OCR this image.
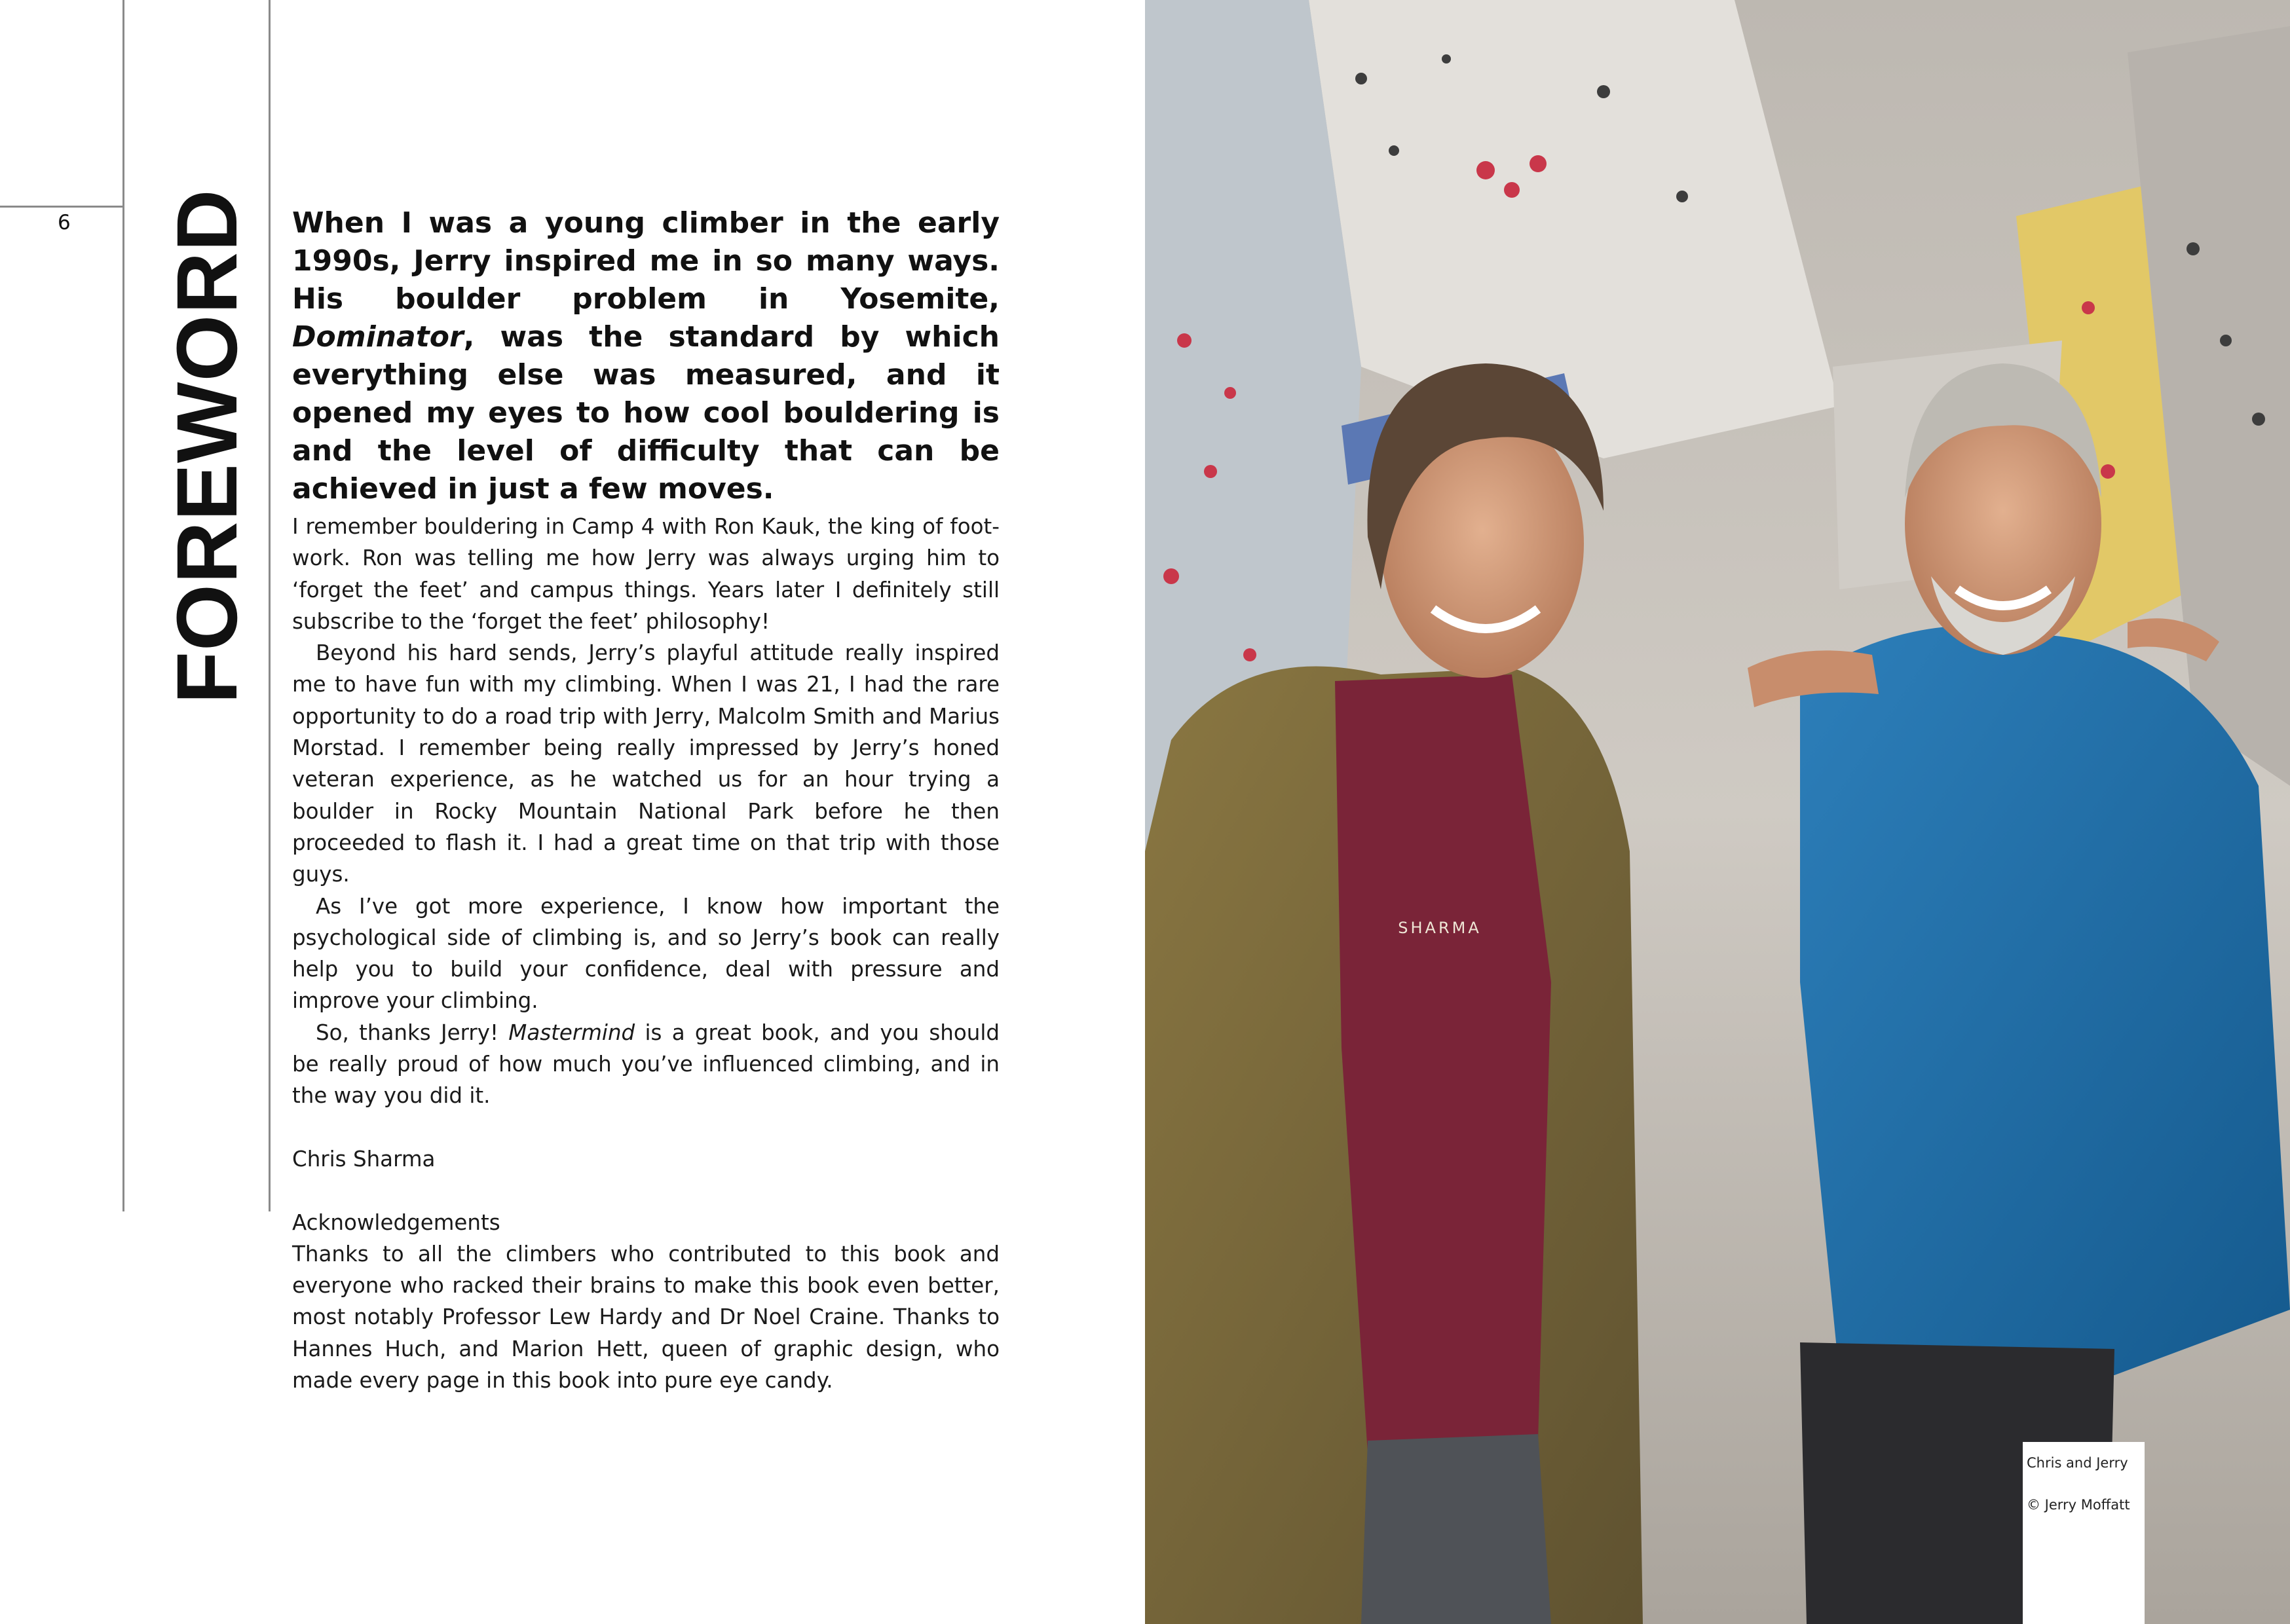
6 FOREWORD When I was a young climber in the early 1990s, Jerry inspired me in so many ways. His boulder problem in Yosemite, Dominator, was the standard by which everything else was measured, and it opened my eyes to how cool bouldering is and the level of difficulty that can be achieved in just a few moves.

I remember bouldering in Camp 4 with Ron Kauk, the king of footwork. Ron was telling me how Jerry was always urging him to ‘forget the feet’ and campus things. Years later I definitely still subscribe to the ‘forget the feet’ philosophy!

Beyond his hard sends, Jerry’s playful attitude really inspired me to have fun with my climbing. When I was 21, I had the rare opportunity to do a road trip with Jerry, Malcolm Smith and Marius Morstad. I remember being really impressed by Jerry’s honed veteran experience, as he watched us for an hour trying a boulder in Rocky Mountain National Park before he then proceeded to flash it. I had a great time on that trip with those guys.

As I’ve got more experience, I know how important the psychological side of climbing is, and so Jerry’s book can really help you to build your confidence, deal with pressure and improve your climbing.

So, thanks Jerry! Mastermind is a great book, and you should be really proud of how much you’ve influenced climbing, and in the way you did it.

Chris Sharma

Acknowledgements

Thanks to all the climbers who contributed to this book and everyone who racked their brains to make this book even better, most notably Professor Lew Hardy and Dr Noel Craine. Thanks to Hannes Huch, and Marion Hett, queen of graphic design, who made every page in this book into pure eye candy.

SHARMA
Chris and Jerry
© Jerry Moffatt
